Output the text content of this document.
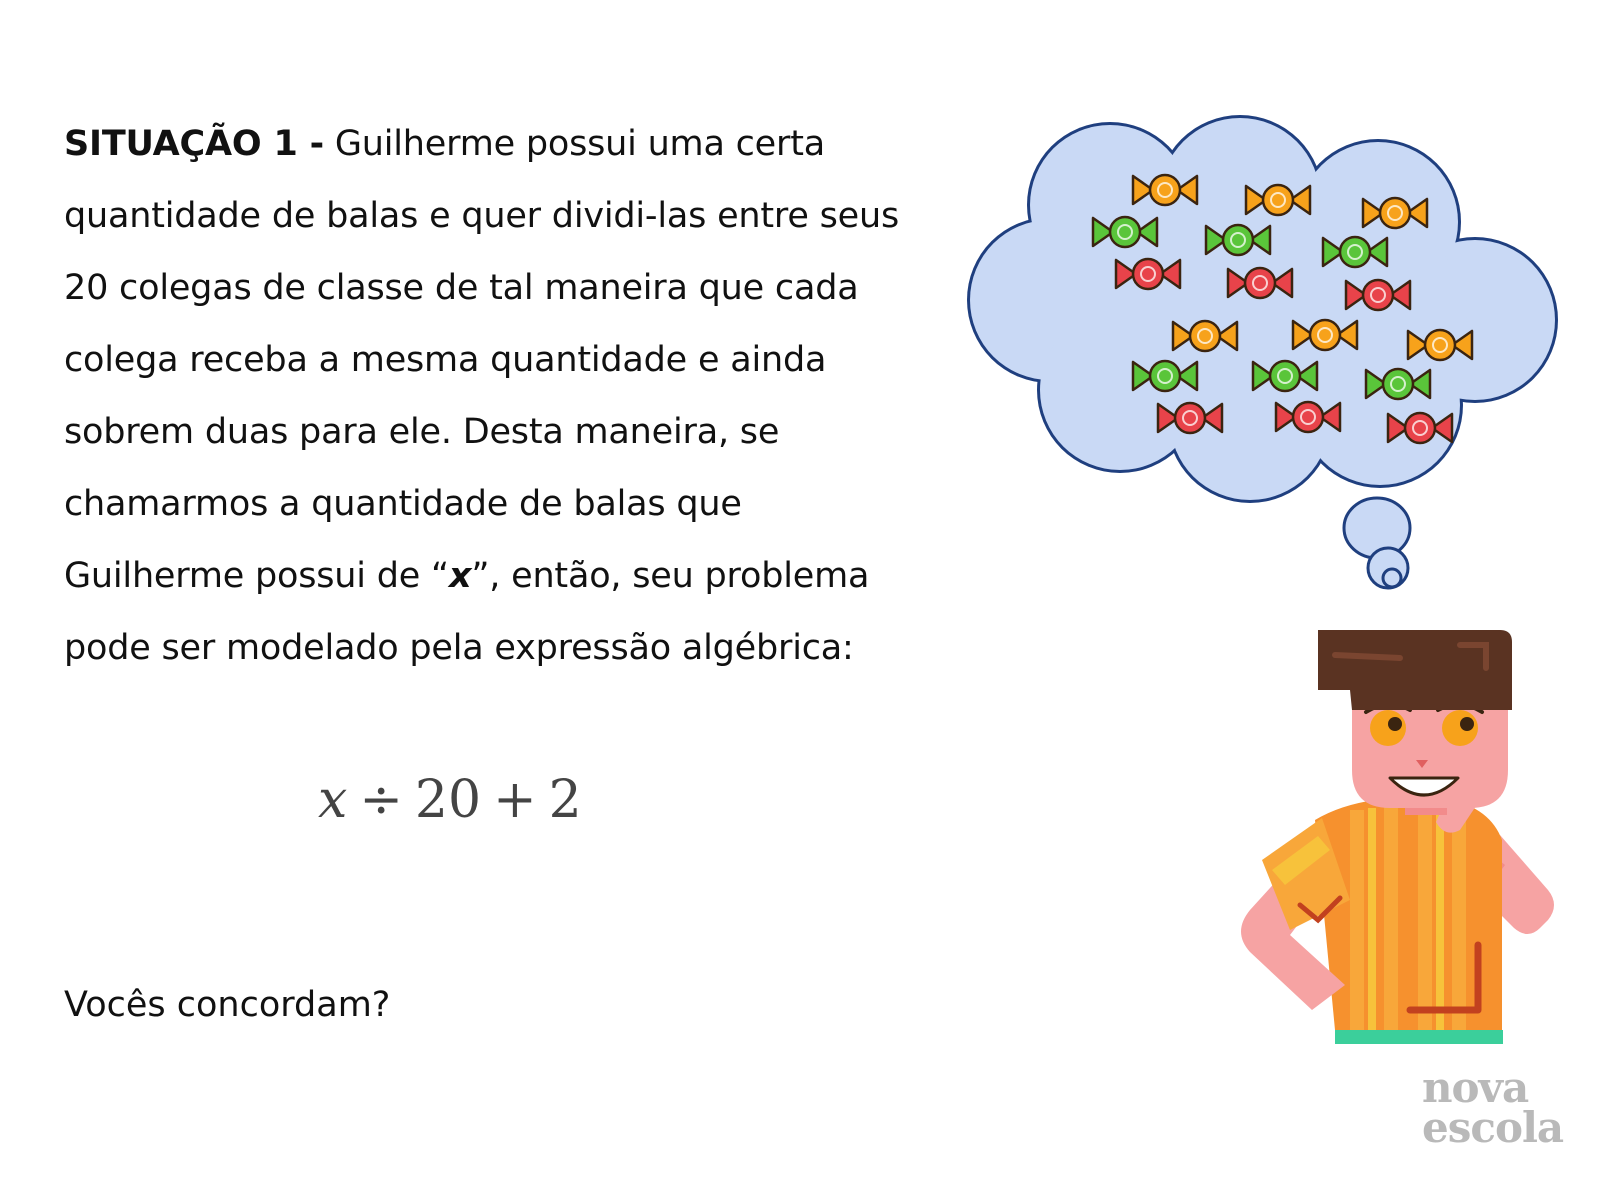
SITUAÇÃO 1 - Guilherme possui uma certa
quantidade de balas e quer dividi-las entre seus
20 colegas de classe de tal maneira que cada
colega receba a mesma quantidade e ainda
sobrem duas para ele. Desta maneira, se
chamarmos a quantidade de balas que
Guilherme possui de “x”, então, seu problema
pode ser modelado pela expressão algébrica:
x ÷ 20 + 2
Vocês concordam?
nova
escola
